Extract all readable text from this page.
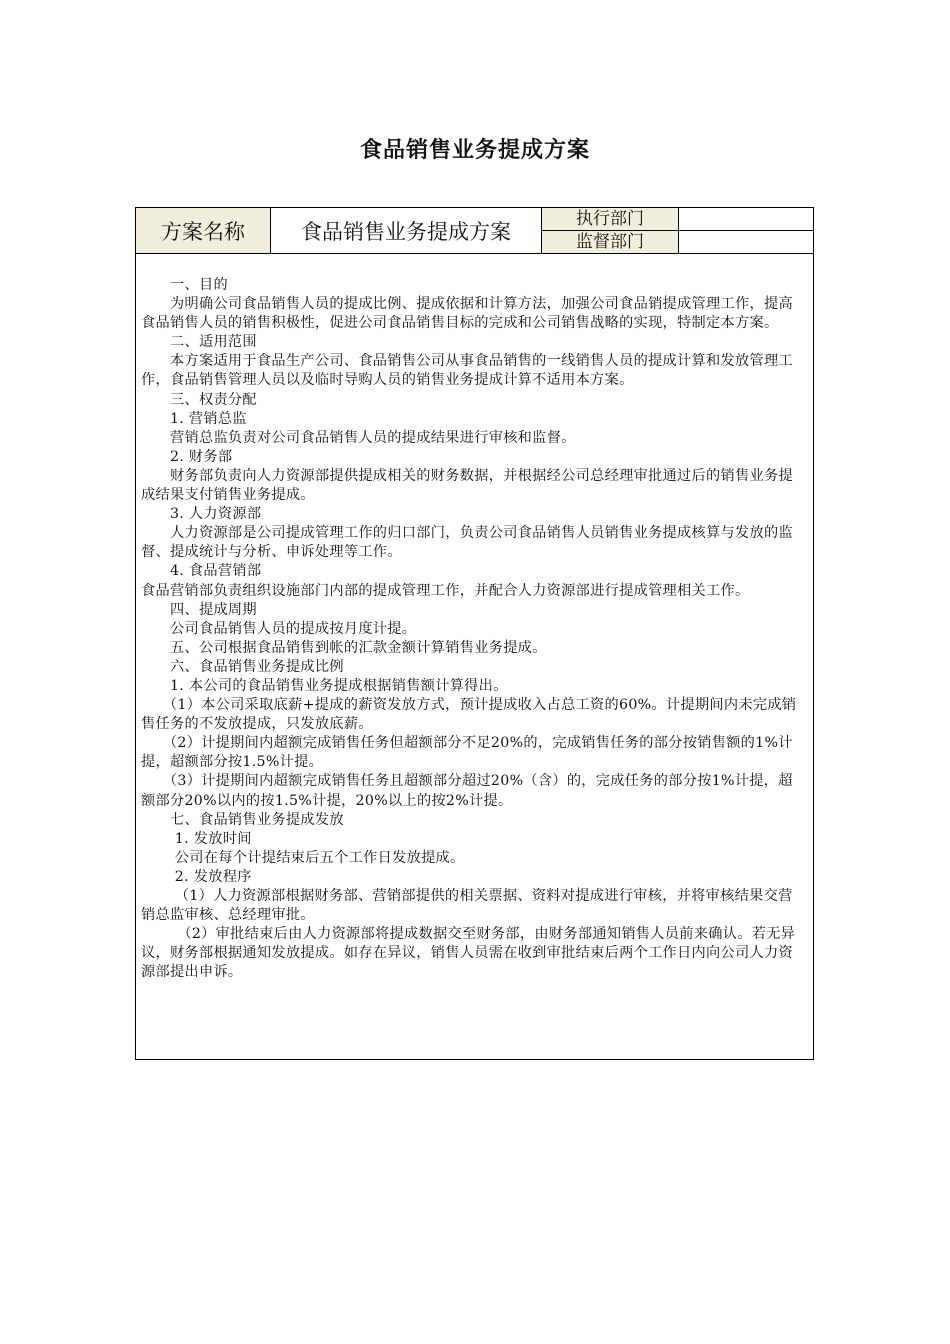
食品销售业务提成方案
方案名称	食品销售业务提成方案
执行部门
监督部门

　　一、目的

　　为明确公司食品销售人员的提成比例、提成依据和计算方法，加强公司食品销提成管理工作，提高食品销售人员的销售积极性，促进公司食品销售目标的完成和公司销售战略的实现，特制定本方案。

　　二、适用范围

　　本方案适用于食品生产公司、食品销售公司从事食品销售的一线销售人员的提成计算和发放管理工作，食品销售管理人员以及临时导购人员的销售业务提成计算不适用本方案。

　　三、权责分配

　　1. 营销总监

　　营销总监负责对公司食品销售人员的提成结果进行审核和监督。

　　2. 财务部

　　财务部负责向人力资源部提供提成相关的财务数据，并根据经公司总经理审批通过后的销售业务提成结果支付销售业务提成。

　　3. 人力资源部

　　人力资源部是公司提成管理工作的归口部门，负责公司食品销售人员销售业务提成核算与发放的监督、提成统计与分析、申诉处理等工作。

　　4. 食品营销部

食品营销部负责组织设施部门内部的提成管理工作，并配合人力资源部进行提成管理相关工作。

　　四、提成周期

　　公司食品销售人员的提成按月度计提。

　　五、公司根据食品销售到帐的汇款金额计算销售业务提成。

　　六、食品销售业务提成比例

　　1. 本公司的食品销售业务提成根据销售额计算得出。

　　（1）本公司采取底薪+提成的薪资发放方式，预计提成收入占总工资的60%。计提期间内未完成销售任务的不发放提成，只发放底薪。

　　（2）计提期间内超额完成销售任务但超额部分不足20%的，完成销售任务的部分按销售额的1%计提，超额部分按1.5%计提。

　　（3）计提期间内超额完成销售任务且超额部分超过20%（含）的，完成任务的部分按1%计提，超额部分20%以内的按1.5%计提，20%以上的按2%计提。

　　七、食品销售业务提成发放

　　 1. 发放时间

　　 公司在每个计提结束后五个工作日发放提成。

　　 2. 发放程序

　　 （1）人力资源部根据财务部、营销部提供的相关票据、资料对提成进行审核，并将审核结果交营销总监审核、总经理审批。

　　　（2）审批结束后由人力资源部将提成数据交至财务部，由财务部通知销售人员前来确认。若无异议，财务部根据通知发放提成。如存在异议，销售人员需在收到审批结束后两个工作日内向公司人力资源部提出申诉。
